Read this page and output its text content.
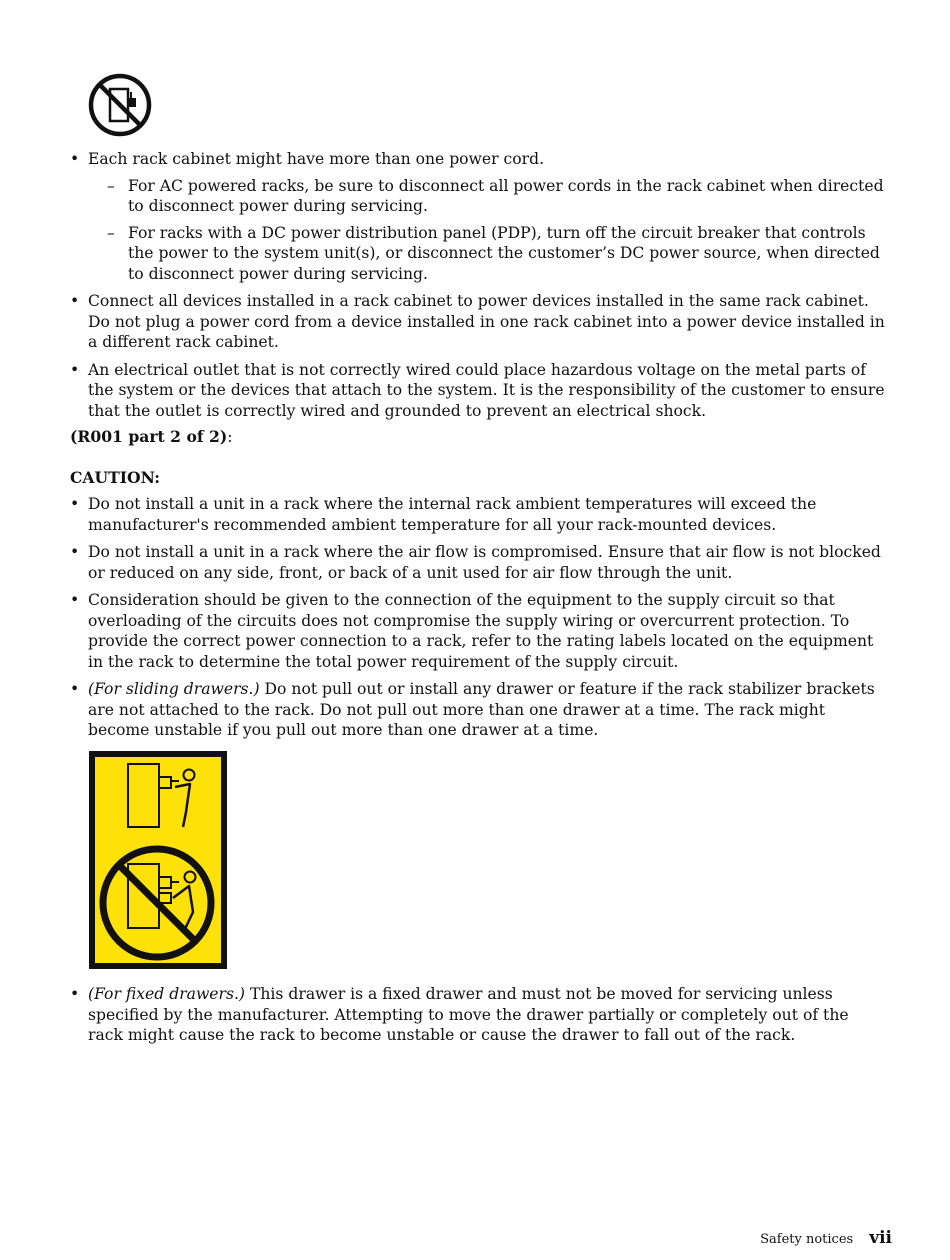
• Each rack cabinet might have more than one power cord.
– For AC powered racks, be sure to disconnect all power cords in the rack cabinet when directed to disconnect power during servicing.
– For racks with a DC power distribution panel (PDP), turn off the circuit breaker that controls the power to the system unit(s), or disconnect the customer’s DC power source, when directed to disconnect power during servicing.
• Connect all devices installed in a rack cabinet to power devices installed in the same rack cabinet. Do not plug a power cord from a device installed in one rack cabinet into a power device installed in a different rack cabinet.
• An electrical outlet that is not correctly wired could place hazardous voltage on the metal parts of the system or the devices that attach to the system. It is the responsibility of the customer to ensure that the outlet is correctly wired and grounded to prevent an electrical shock.
(R001 part 2 of 2):
CAUTION:
• Do not install a unit in a rack where the internal rack ambient temperatures will exceed the manufacturer's recommended ambient temperature for all your rack-mounted devices.
• Do not install a unit in a rack where the air flow is compromised. Ensure that air flow is not blocked or reduced on any side, front, or back of a unit used for air flow through the unit.
• Consideration should be given to the connection of the equipment to the supply circuit so that overloading of the circuits does not compromise the supply wiring or overcurrent protection. To provide the correct power connection to a rack, refer to the rating labels located on the equipment in the rack to determine the total power requirement of the supply circuit.
• (For sliding drawers.) Do not pull out or install any drawer or feature if the rack stabilizer brackets are not attached to the rack. Do not pull out more than one drawer at a time. The rack might become unstable if you pull out more than one drawer at a time.
• (For fixed drawers.) This drawer is a fixed drawer and must not be moved for servicing unless specified by the manufacturer. Attempting to move the drawer partially or completely out of the rack might cause the rack to become unstable or cause the drawer to fall out of the rack.
Safety notices vii
